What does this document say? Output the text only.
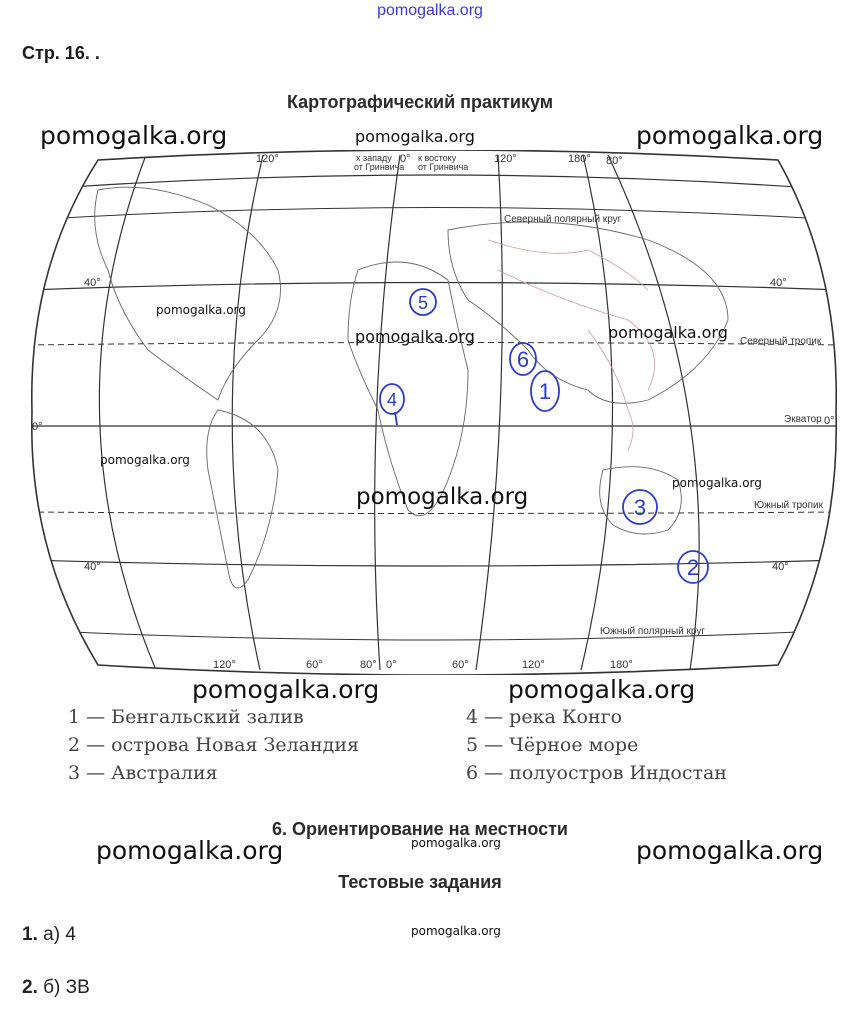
pomogalka.org
Стр. 16. .
Картографический практикум
120°	х западу
от Гринвича
0° к востоку
от Гринвича
120°	180° 80°
120°	60°	80° 0°	60°	120°	180°
40°
0°
40°
40°
Северный тропик
Экватор 0°
Южный тропик
40°
Северный полярный круг
Южный полярный круг
1
2
3
4
5
6
pomogalka.org	pomogalka.org	pomogalka.org
pomogalka.org
pomogalka.org	pomogalka.org
pomogalka.org
pomogalka.org
pomogalka.org
pomogalka.org	pomogalka.org
pomogalka.org	pomogalka.org	pomogalka.org
pomogalka.org
1 — Бенгальский залив
2 — острова Новая Зеландия
3 — Австралия
4 — река Конго
5 — Чёрное море
6 — полуостров Индостан
6. Ориентирование на местности
Тестовые задания
1. а) 4
2. б) ЗВ
